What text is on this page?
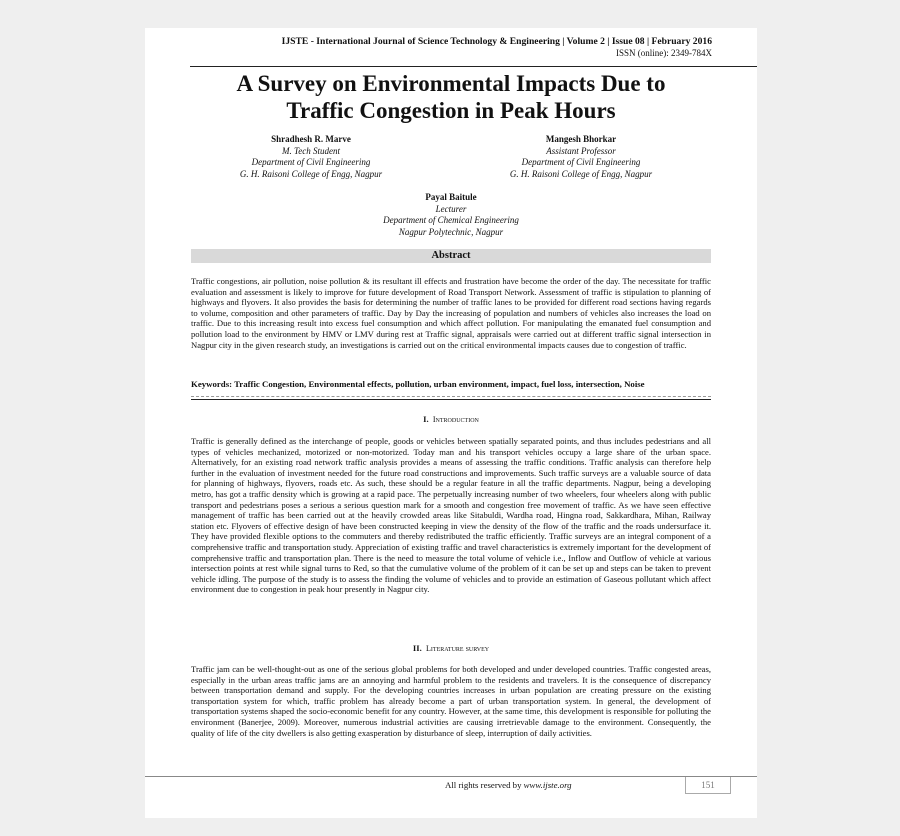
IJSTE - International Journal of Science Technology & Engineering | Volume 2 | Issue 08 | February 2016
ISSN (online): 2349-784X
A Survey on Environmental Impacts Due to
Traffic Congestion in Peak Hours
Shradhesh R. Marve
M. Tech Student
Department of Civil Engineering
G. H. Raisoni College of Engg, Nagpur
Mangesh Bhorkar
Assistant Professor
Department of Civil Engineering
G. H. Raisoni College of Engg, Nagpur
Payal Baitule
Lecturer
Department of Chemical Engineering
Nagpur Polytechnic, Nagpur
Abstract
Traffic congestions, air pollution, noise pollution & its resultant ill effects and frustration have become the order of the day. The necessitate for traffic evaluation and assessment is likely to improve for future development of Road Transport Network. Assessment of traffic is stipulation to planning of highways and flyovers. It also provides the basis for determining the number of traffic lanes to be provided for different road sections having regards to volume, composition and other parameters of traffic. Day by Day the increasing of population and numbers of vehicles also increases the load on traffic. Due to this increasing result into excess fuel consumption and which affect pollution. For manipulating the emanated fuel consumption and pollution load to the environment by HMV or LMV during rest at Traffic signal, appraisals were carried out at different traffic signal intersection in Nagpur city in the given research study, an investigations is carried out on the critical environmental impacts causes due to congestion of traffic.
Keywords: Traffic Congestion, Environmental effects, pollution, urban environment, impact, fuel loss, intersection, Noise
I. Introduction
Traffic is generally defined as the interchange of people, goods or vehicles between spatially separated points, and thus includes pedestrians and all types of vehicles mechanized, motorized or non-motorized. Today man and his transport vehicles occupy a large share of the urban space. Alternatively, for an existing road network traffic analysis provides a means of assessing the traffic conditions. Traffic analysis can therefore help further in the evaluation of investment needed for the future road constructions and improvements. Such traffic surveys are a valuable source of data for planning of highways, flyovers, roads etc. As such, these should be a regular feature in all the traffic departments. Nagpur, being a developing metro, has got a traffic density which is growing at a rapid pace. The perpetually increasing number of two wheelers, four wheelers along with public transport and pedestrians poses a serious a serious question mark for a smooth and congestion free movement of traffic. As we have seen effective management of traffic has been carried out at the heavily crowded areas like Sitabuldi, Wardha road, Hingna road, Sakkardhara, Mihan, Railway station etc. Flyovers of effective design of have been constructed keeping in view the density of the flow of the traffic and the roads undersurface it. They have provided flexible options to the commuters and thereby redistributed the traffic efficiently. Traffic surveys are an integral component of a comprehensive traffic and transportation study. Appreciation of existing traffic and travel characteristics is extremely important for the development of comprehensive traffic and transportation plan. There is the need to measure the total volume of vehicle i.e., Inflow and Outflow of vehicle at various intersection points at rest while signal turns to Red, so that the cumulative volume of the problem of it can be set up and steps can be taken to prevent vehicle idling. The purpose of the study is to assess the finding the volume of vehicles and to provide an estimation of Gaseous pollutant which affect environment due to congestion in peak hour presently in Nagpur city.
II. Literature survey
Traffic jam can be well-thought-out as one of the serious global problems for both developed and under developed countries. Traffic congested areas, especially in the urban areas traffic jams are an annoying and harmful problem to the residents and travelers. It is the consequence of discrepancy between transportation demand and supply. For the developing countries increases in urban population are creating pressure on the existing transportation system for which, traffic problem has already become a part of urban transportation system. In general, the development of transportation systems shaped the socio-economic benefit for any country. However, at the same time, this development is responsible for polluting the environment (Banerjee, 2009). Moreover, numerous industrial activities are causing irretrievable damage to the environment. Consequently, the quality of life of the city dwellers is also getting exasperation by disturbance of sleep, interruption of daily activities.
All rights reserved by www.ijste.org	151
